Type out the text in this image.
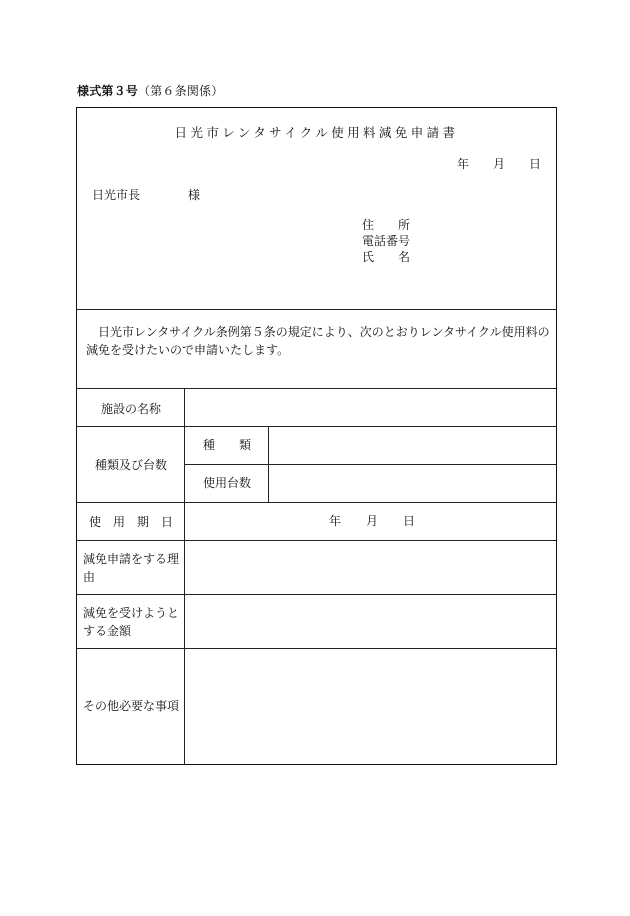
様式第３号（第６条関係）
日光市レンタサイクル使用料減免申請書
年 月 日
日光市長	様
住　　所
電話番号
氏　　名
日光市レンタサイクル条例第５条の規定により、次のとおりレンタサイクル使用料の減免を受けたいので申請いたします。
施設の名称
種類及び台数
種　　類
使用台数
使　用　期　日	年 月 日
減免申請をする理由
減免を受けようとする金額
その他必要な事項
